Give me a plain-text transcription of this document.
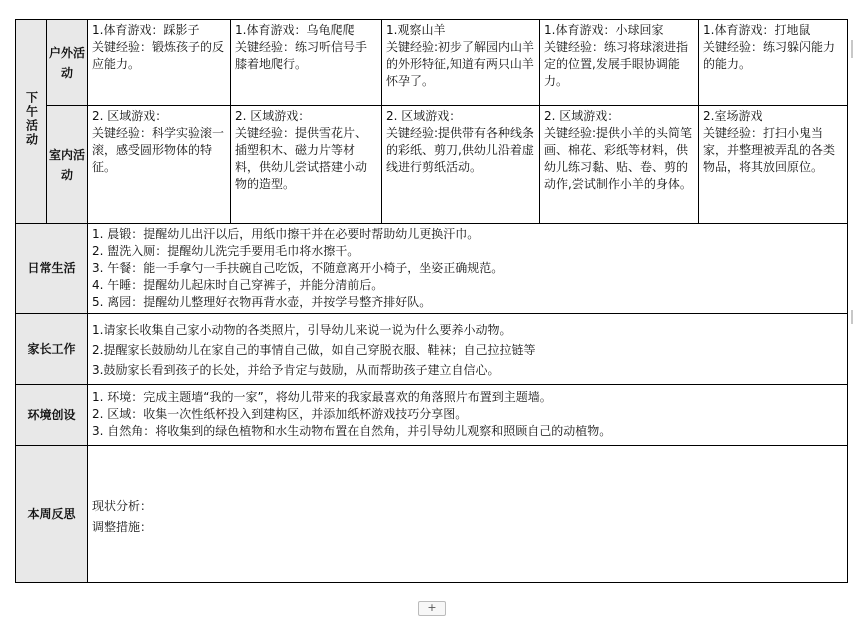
下午活动	户外活动	1.体育游戏：踩影子
关键经验：锻炼孩子的反应能力。	1.体育游戏：乌龟爬爬
关键经验：练习听信号手膝着地爬行。	1.观察山羊
关键经验:初步了解园内山羊的外形特征,知道有两只山羊怀孕了。	1.体育游戏：小球回家
关键经验：练习将球滚进指定的位置,发展手眼协调能力。	1.体育游戏：打地鼠
关键经验：练习躲闪能力的能力。

	室内活动	2. 区域游戏：
关键经验：科学实验滚一滚，感受圆形物体的特征。	2. 区域游戏：
关键经验：提供雪花片、插塑积木、磁力片等材料，供幼儿尝试搭建小动物的造型。	2. 区域游戏：
关键经验:提供带有各种线条的彩纸、剪刀,供幼儿沿着虚线进行剪纸活动。	2. 区域游戏：
关键经验:提供小羊的头简笔画、棉花、彩纸等材料，供幼儿练习黏、贴、卷、剪的动作,尝试制作小羊的身体。	2.室场游戏
关键经验：打扫小鬼当家，并整理被弄乱的各类物品，将其放回原位。

日常生活		1. 晨锻：提醒幼儿出汗以后，用纸巾擦干并在必要时帮助幼儿更换汗巾。
2. 盥洗入厕：提醒幼儿洗完手要用毛巾将水擦干。
3. 午餐：能一手拿勺一手扶碗自己吃饭，不随意离开小椅子，坐姿正确规范。
4. 午睡：提醒幼儿起床时自己穿裤子，并能分清前后。
5. 离园：提醒幼儿整理好衣物再背水壶，并按学号整齐排好队。				

家长工作		1.请家长收集自己家小动物的各类照片，引导幼儿来说一说为什么要养小动物。
2.提醒家长鼓励幼儿在家自己的事情自己做，如自己穿脱衣服、鞋袜；自己拉拉链等
3.鼓励家长看到孩子的长处，并给予肯定与鼓励，从而帮助孩子建立自信心。				

环境创设		1. 环境：完成主题墙“我的一家”，将幼儿带来的我家最喜欢的角落照片布置到主题墙。
2. 区域：收集一次性纸杯投入到建构区，并添加纸杯游戏技巧分享图。
3. 自然角：将收集到的绿色植物和水生动物布置在自然角，并引导幼儿观察和照顾自己的动植物。				

本周反思		现状分析：
调整措施：				
+
